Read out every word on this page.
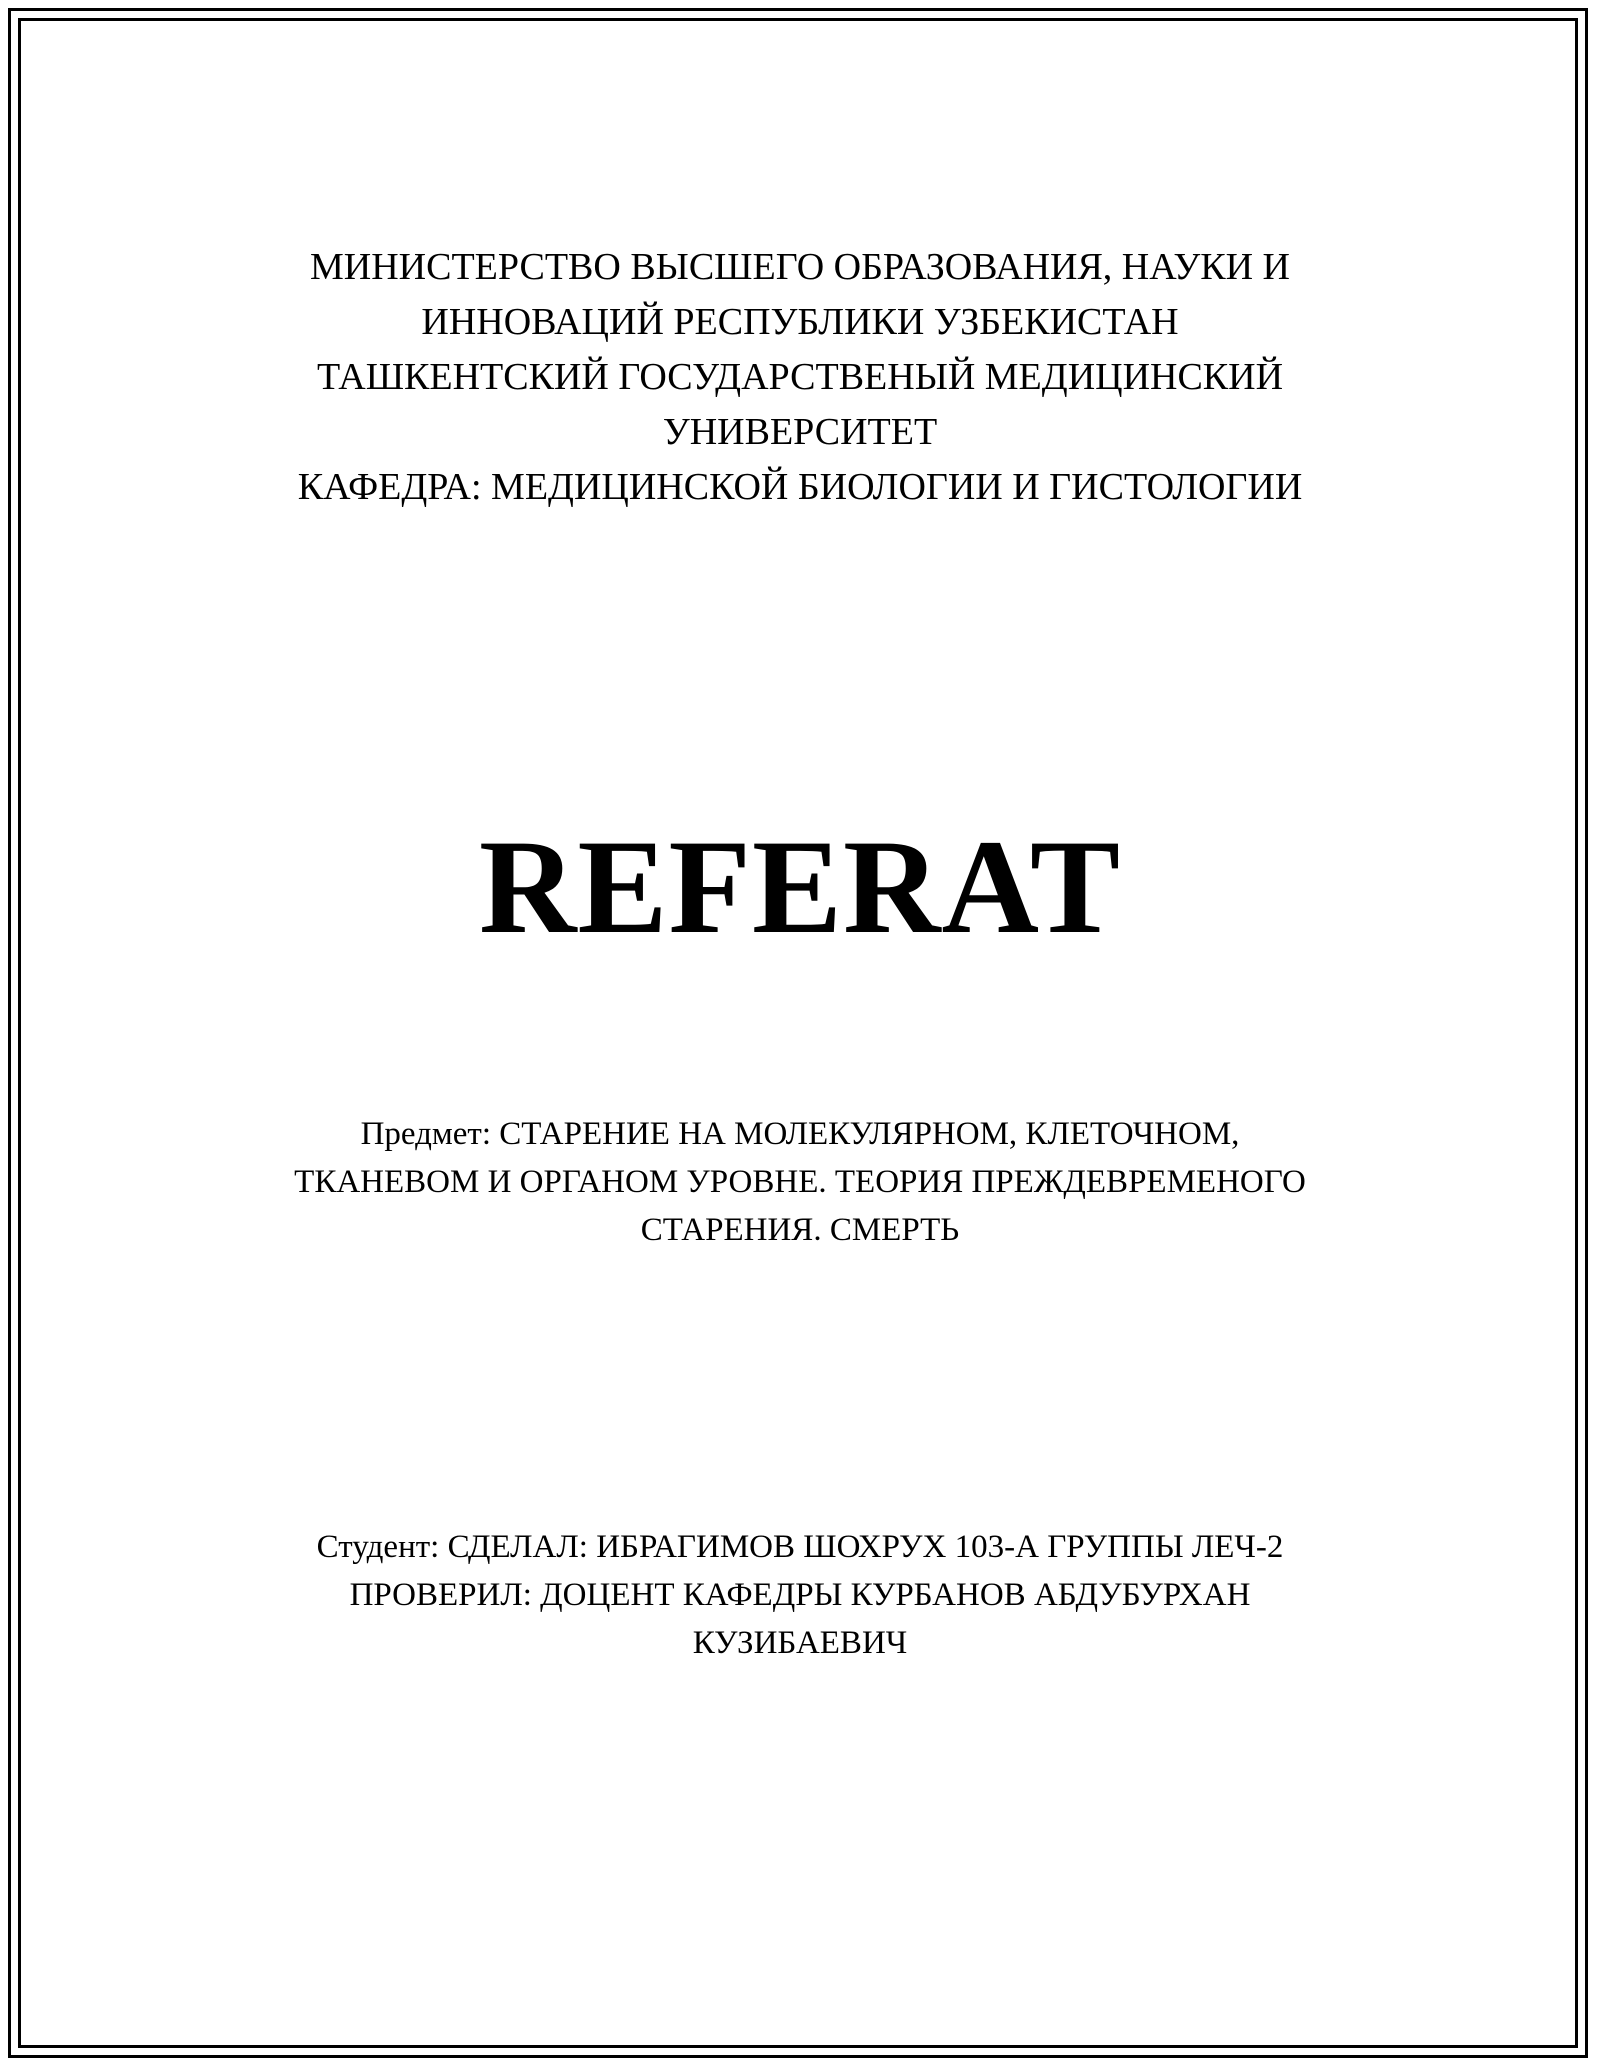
МИНИСТЕРСТВО ВЫСШЕГО ОБРАЗОВАНИЯ, НАУКИ И
ИННОВАЦИЙ РЕСПУБЛИКИ УЗБЕКИСТАН
ТАШКЕНТСКИЙ ГОСУДАРСТВЕНЫЙ МЕДИЦИНСКИЙ
УНИВЕРСИТЕТ
КАФЕДРА: МЕДИЦИНСКОЙ БИОЛОГИИ И ГИСТОЛОГИИ
REFERAT
Предмет: СТАРЕНИЕ НА МОЛЕКУЛЯРНОМ, КЛЕТОЧНОМ,
ТКАНЕВОМ И ОРГАНОМ УРОВНЕ. ТЕОРИЯ ПРЕЖДЕВРЕМЕНОГО
СТАРЕНИЯ. СМЕРТЬ
Студент: СДЕЛАЛ: ИБРАГИМОВ ШОХРУХ 103-А ГРУППЫ ЛЕЧ-2
ПРОВЕРИЛ: ДОЦЕНТ КАФЕДРЫ КУРБАНОВ АБДУБУРХАН
КУЗИБАЕВИЧ
